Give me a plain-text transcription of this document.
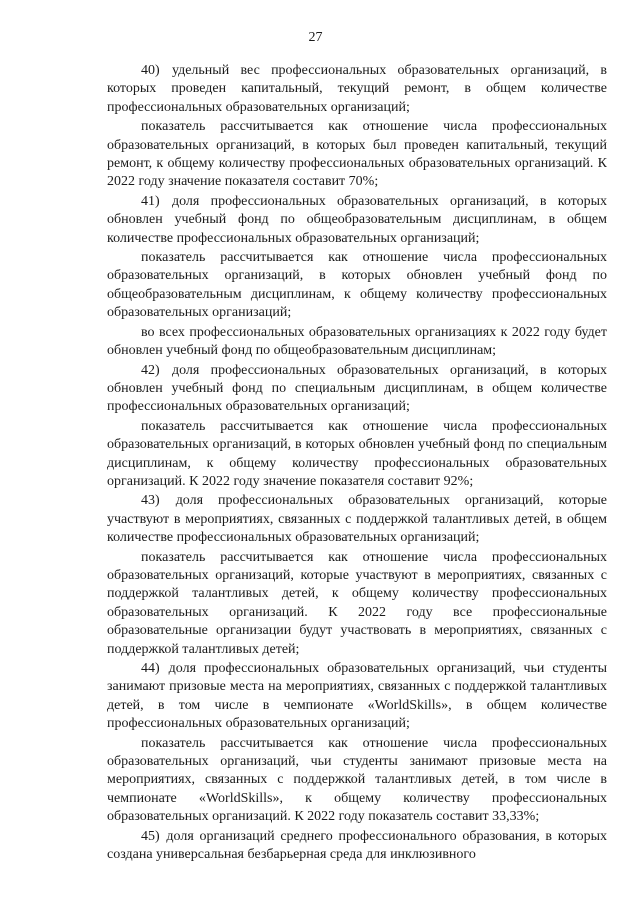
27

40) удельный вес профессиональных образовательных организаций, в которых проведен капитальный, текущий ремонт, в общем количестве профессиональных образовательных организаций;

показатель рассчитывается как отношение числа профессиональных образовательных организаций, в которых был проведен капитальный, текущий ремонт, к общему количеству профессиональных образовательных организаций. К 2022 году значение показателя составит 70%;

41) доля профессиональных образовательных организаций, в которых обновлен учебный фонд по общеобразовательным дисциплинам, в общем количестве профессиональных образовательных организаций;

показатель рассчитывается как отношение числа профессиональных образовательных организаций, в которых обновлен учебный фонд по общеобразовательным дисциплинам, к общему количеству профессиональных образовательных организаций;

во всех профессиональных образовательных организациях к 2022 году будет обновлен учебный фонд по общеобразовательным дисциплинам;

42) доля профессиональных образовательных организаций, в которых обновлен учебный фонд по специальным дисциплинам, в общем количестве профессиональных образовательных организаций;

показатель рассчитывается как отношение числа профессиональных образовательных организаций, в которых обновлен учебный фонд по специальным дисциплинам, к общему количеству профессиональных образовательных организаций. К 2022 году значение показателя составит 92%;

43) доля профессиональных образовательных организаций, которые участвуют в мероприятиях, связанных с поддержкой талантливых детей, в общем количестве профессиональных образовательных организаций;

показатель рассчитывается как отношение числа профессиональных образовательных организаций, которые участвуют в мероприятиях, связанных с поддержкой талантливых детей, к общему количеству профессиональных образовательных организаций. К 2022 году все профессиональные образовательные организации будут участвовать в мероприятиях, связанных с поддержкой талантливых детей;

44) доля профессиональных образовательных организаций, чьи студенты занимают призовые места на мероприятиях, связанных с поддержкой талантливых детей, в том числе в чемпионате «WorldSkills», в общем количестве профессиональных образовательных организаций;

показатель рассчитывается как отношение числа профессиональных образовательных организаций, чьи студенты занимают призовые места на мероприятиях, связанных с поддержкой талантливых детей, в том числе в чемпионате «WorldSkills», к общему количеству профессиональных образовательных организаций. К 2022 году показатель составит 33,33%;

45) доля организаций среднего профессионального образования, в которых создана универсальная безбарьерная среда для инклюзивного
